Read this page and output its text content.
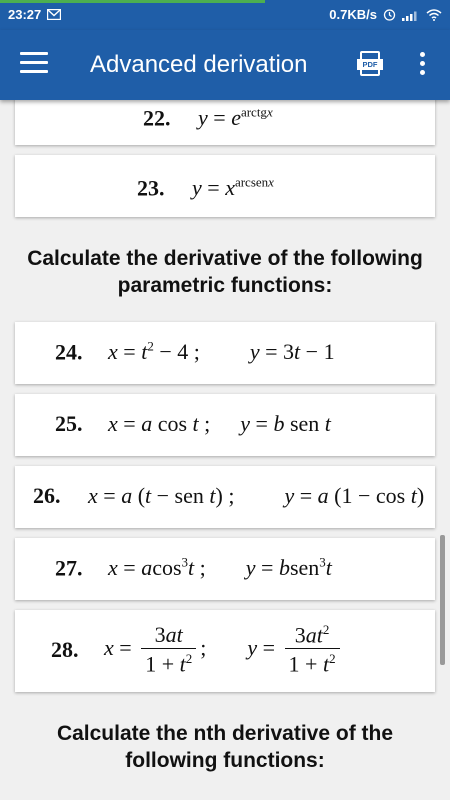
23:27	0.7KB/s
Advanced derivation	PDF
22. $y = e^{arctgx}$
23. $y = x^{arcsenx}$
Calculate the derivative of the following parametric functions:
24. $x = t^2 - 4$ ; y = 3t − 1
25. x = a cos t ; y = b sen t
26. x = a (t − sen t) ; y = a (1 − cos t)
27. x = acos$^3$t ; y = bsen$^3$t
28. $x = \frac{3at}{1 + t^2}$ ;  $y = \frac{3at^2}{1 + t^2}$
Calculate the nth derivative of the following functions:
